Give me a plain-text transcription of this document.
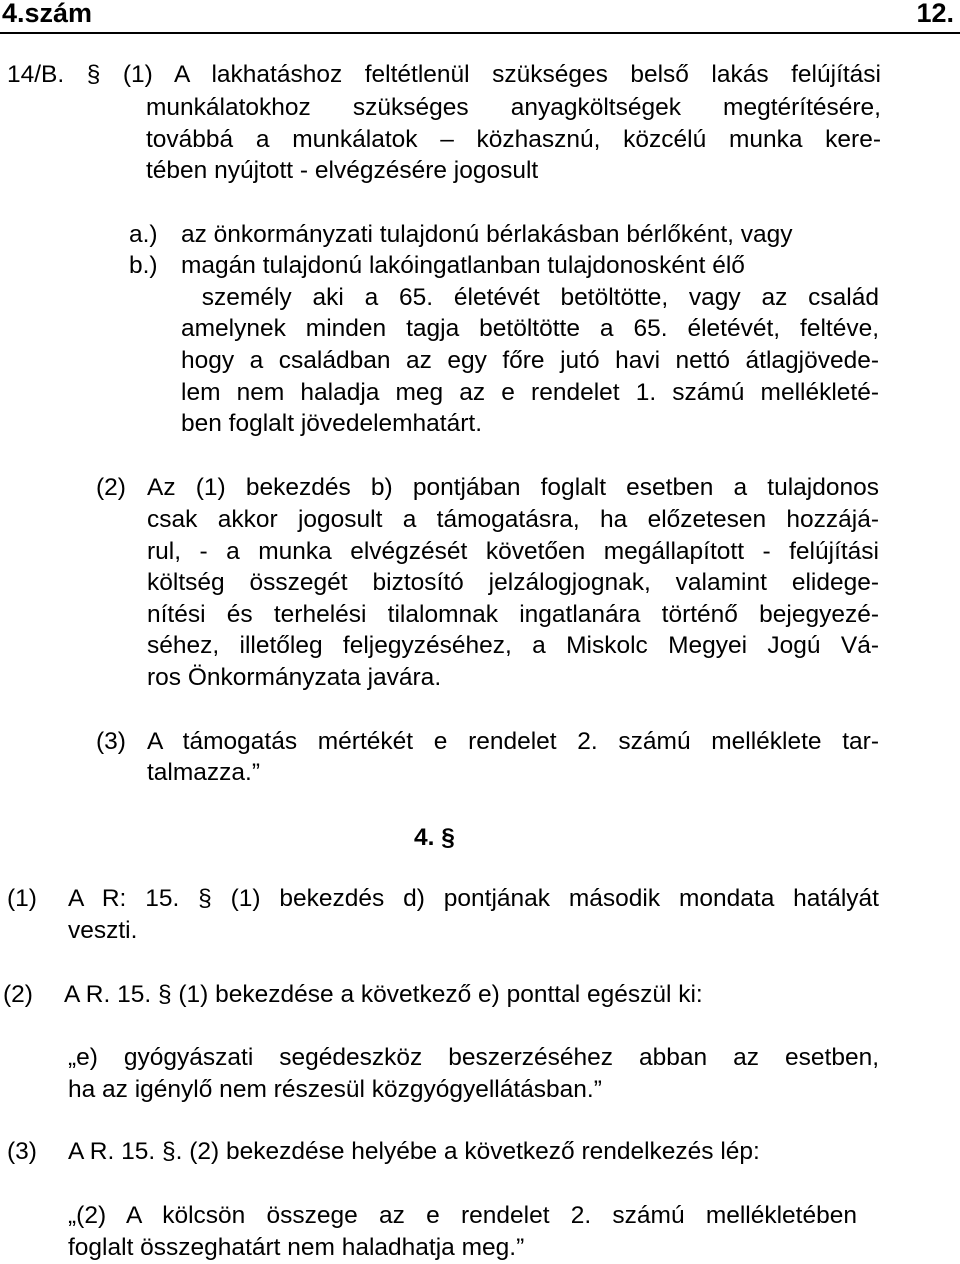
4.szám	12.
14/B. § (1) A lakhatáshoz feltétlenül szükséges belső lakás felújítási
munkálatokhoz szükséges anyagköltségek megtérítésére,
továbbá a munkálatok – közhasznú, közcélú munka kere-
tében nyújtott - elvégzésére jogosult
a.) az önkormányzati tulajdonú bérlakásban bérlőként, vagy
b.) magán tulajdonú lakóingatlanban tulajdonosként élő
személy aki a 65. életévét betöltötte, vagy az család
amelynek minden tagja betöltötte a 65. életévét, feltéve,
hogy a családban az egy főre jutó havi nettó átlagjövede-
lem nem haladja meg az e rendelet 1. számú mellékleté-
ben foglalt jövedelemhatárt.
(2) Az (1) bekezdés b) pontjában foglalt esetben a tulajdonos
csak akkor jogosult a támogatásra, ha előzetesen hozzájá-
rul, - a munka elvégzését követően megállapított - felújítási
költség összegét biztosító jelzálogjognak, valamint elidege-
nítési és terhelési tilalomnak ingatlanára történő bejegyezé-
séhez, illetőleg feljegyzéséhez, a Miskolc Megyei Jogú Vá-
ros Önkormányzata javára.
(3) A támogatás mértékét e rendelet 2. számú melléklete tar-
talmazza.”
4. §
(1) A R: 15. § (1) bekezdés d) pontjának második mondata hatályát
veszti.
(2) A R. 15. § (1) bekezdése a következő e) ponttal egészül ki:
„e) gyógyászati segédeszköz beszerzéséhez abban az esetben,
ha az igénylő nem részesül közgyógyellátásban.”
(3) A R. 15. §. (2) bekezdése helyébe a következő rendelkezés lép:
„(2) A kölcsön összege az e rendelet 2. számú mellékletében
foglalt összeghatárt nem haladhatja meg.”
